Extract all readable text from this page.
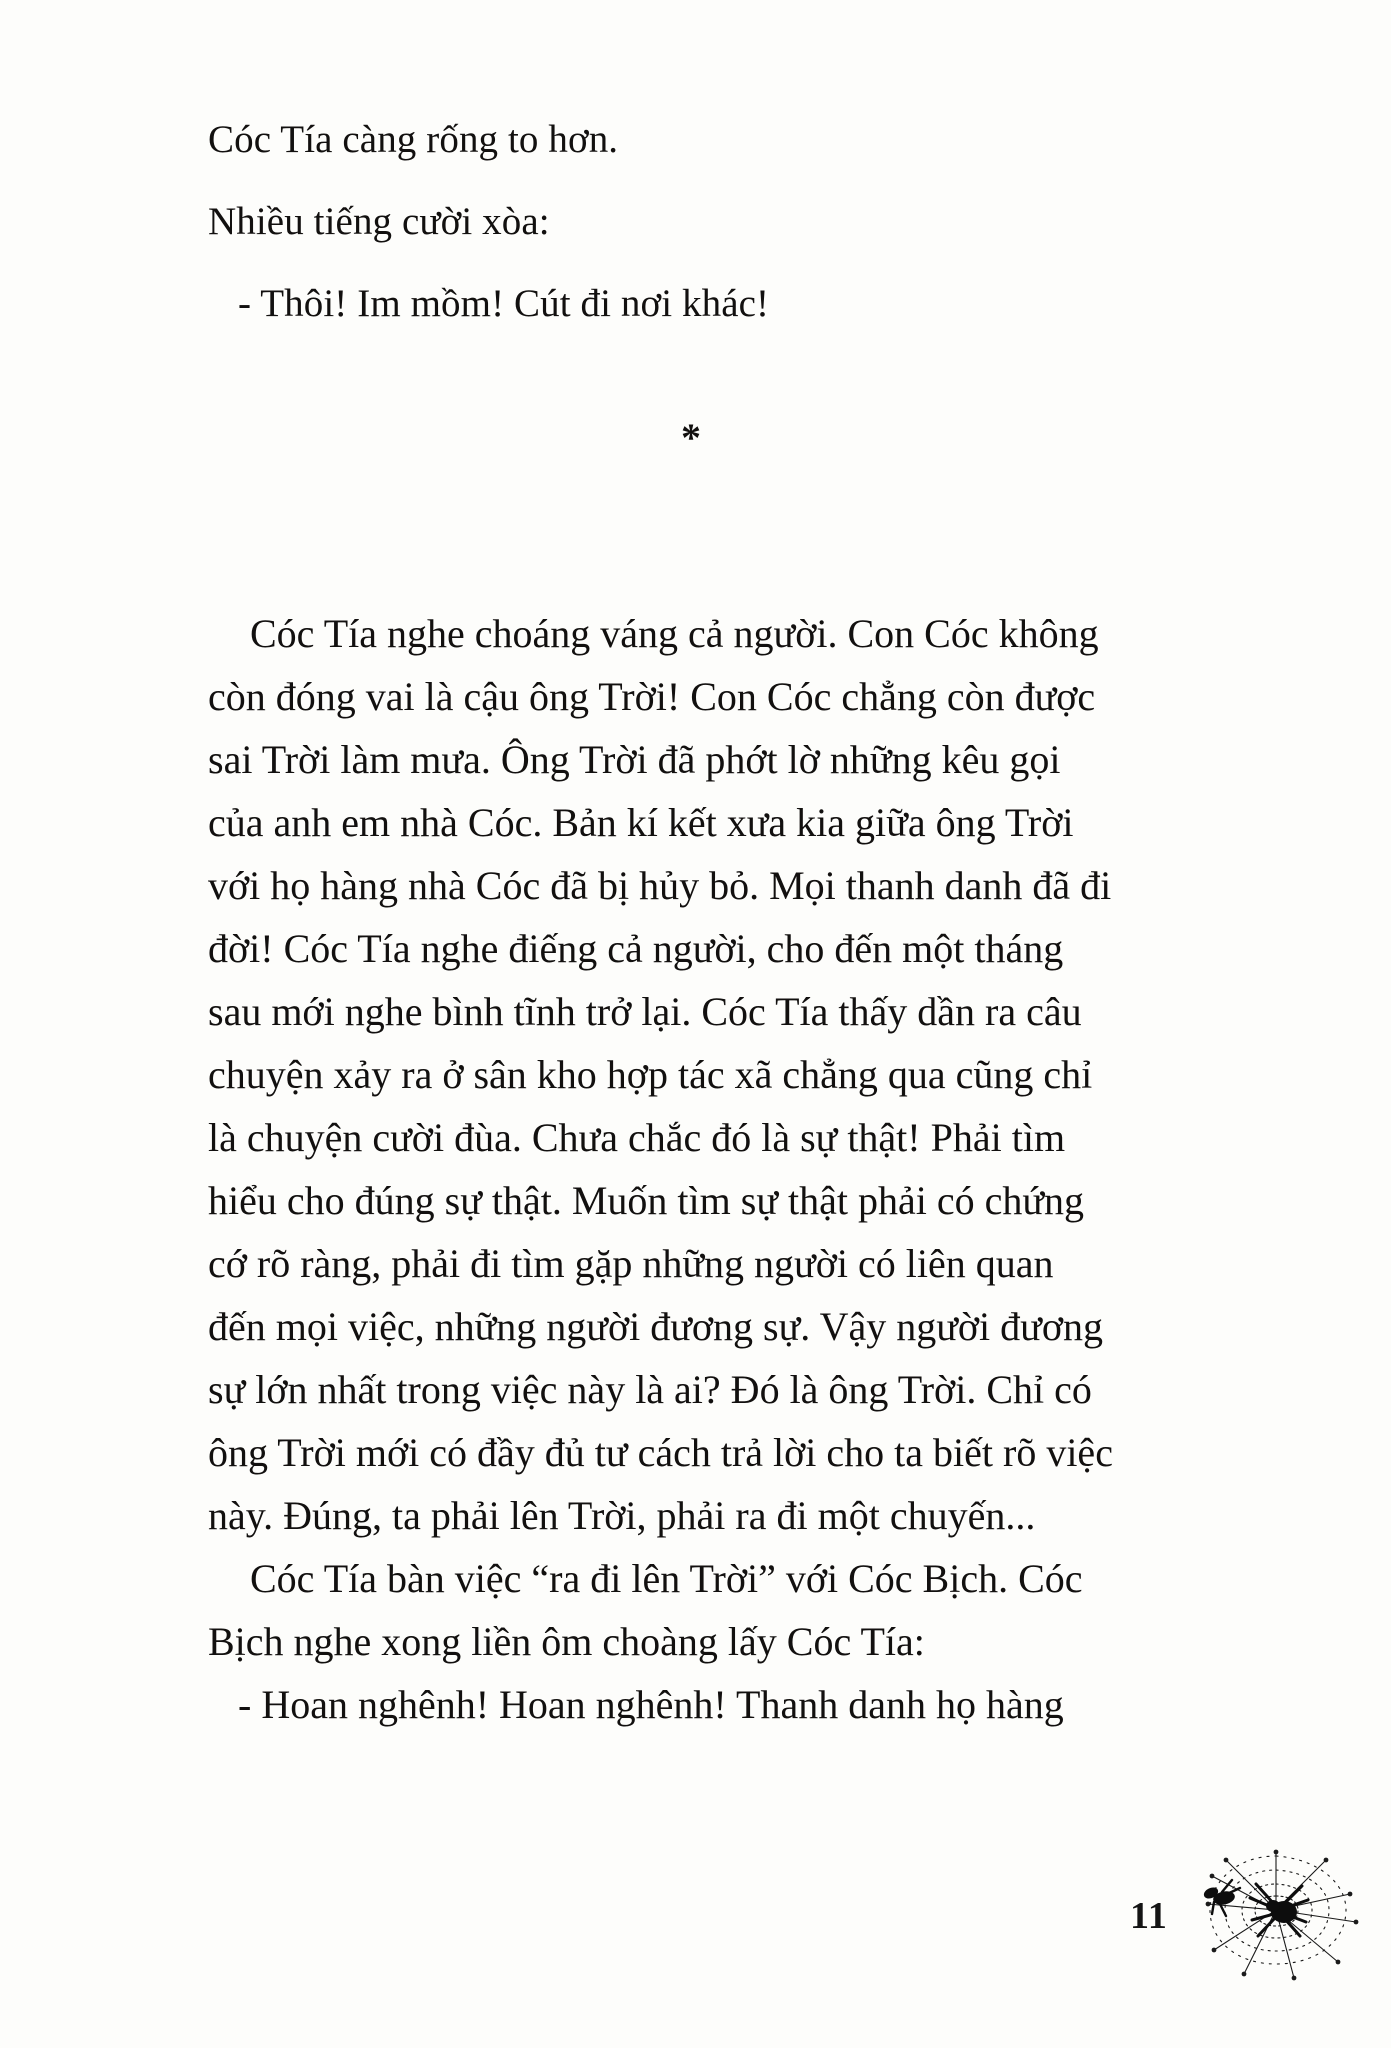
Cóc Tía càng rống to hơn.
Nhiều tiếng cười xòa:
- Thôi! Im mồm! Cút đi nơi khác!
*

Cóc Tía nghe choáng váng cả người. Con Cóc không
còn đóng vai là cậu ông Trời! Con Cóc chẳng còn được
sai Trời làm mưa. Ông Trời đã phớt lờ những kêu gọi
của anh em nhà Cóc. Bản kí kết xưa kia giữa ông Trời
với họ hàng nhà Cóc đã bị hủy bỏ. Mọi thanh danh đã đi
đời! Cóc Tía nghe điếng cả người, cho đến một tháng
sau mới nghe bình tĩnh trở lại. Cóc Tía thấy dần ra câu
chuyện xảy ra ở sân kho hợp tác xã chẳng qua cũng chỉ
là chuyện cười đùa. Chưa chắc đó là sự thật! Phải tìm
hiểu cho đúng sự thật. Muốn tìm sự thật phải có chứng
cớ rõ ràng, phải đi tìm gặp những người có liên quan
đến mọi việc, những người đương sự. Vậy người đương
sự lớn nhất trong việc này là ai? Đó là ông Trời. Chỉ có
ông Trời mới có đầy đủ tư cách trả lời cho ta biết rõ việc
này. Đúng, ta phải lên Trời, phải ra đi một chuyến...

Cóc Tía bàn việc “ra đi lên Trời” với Cóc Bịch. Cóc
Bịch nghe xong liền ôm choàng lấy Cóc Tía:

- Hoan nghênh! Hoan nghênh! Thanh danh họ hàng

11
